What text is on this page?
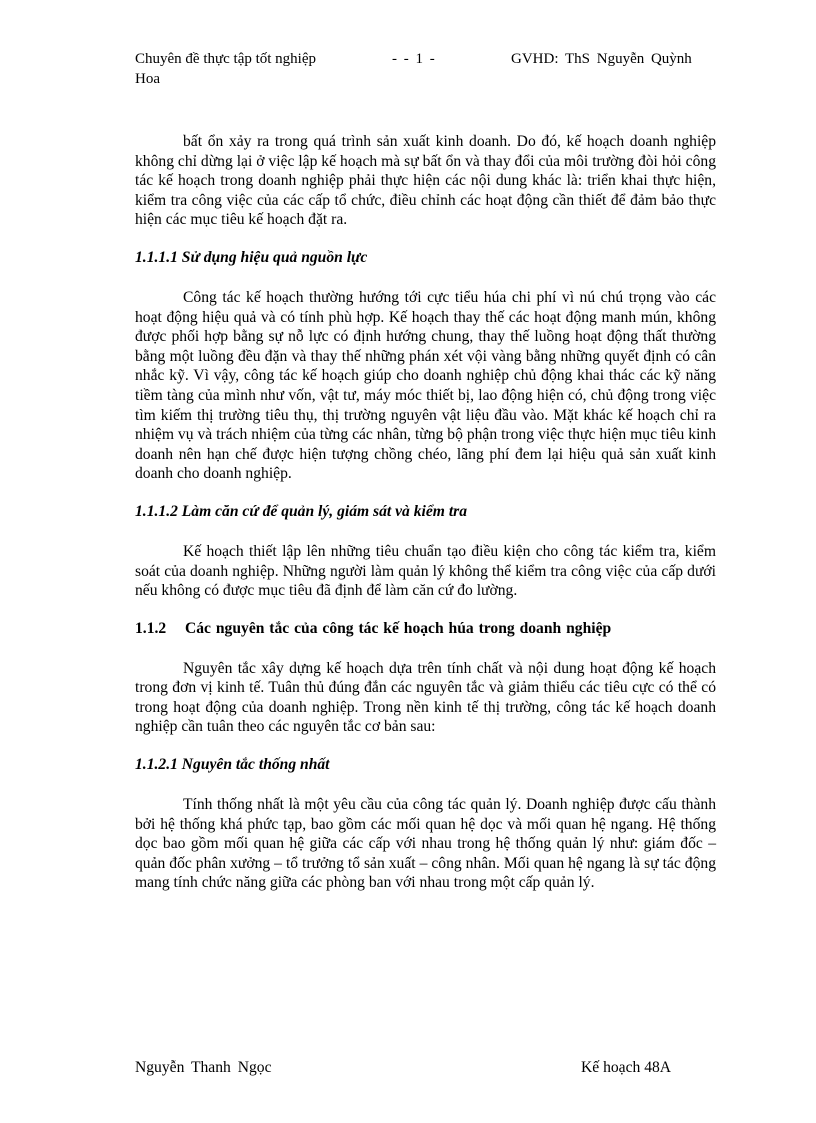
Chuyên đề thực tập tốt nghiệp	- - 1 -	GVHD: ThS Nguyễn Quỳnh
Hoa

bất ổn xảy ra trong quá trình sản xuất kinh doanh. Do đó, kế hoạch doanh nghiệp không chỉ dừng lại ở việc lập kế hoạch mà sự bất ổn và thay đổi của môi trường đòi hỏi công tác kế hoạch trong doanh nghiệp phải thực hiện các nội dung khác là: triển khai thực hiện, kiểm tra công việc của các cấp tổ chức, điều chỉnh các hoạt động cần thiết để đảm bảo thực hiện các mục tiêu kế hoạch đặt ra.

1.1.1.1 Sử dụng hiệu quả nguồn lực

Công tác kế hoạch thường hướng tới cực tiểu húa chi phí vì nú chú trọng vào các hoạt động hiệu quả và có tính phù hợp. Kế hoạch thay thế các hoạt động manh mún, không được phối hợp bằng sự nỗ lực có định hướng chung, thay thế luồng hoạt động thất thường bằng một luồng đều đặn và thay thế những phán xét vội vàng bằng những quyết định có cân nhắc kỹ. Vì vậy, công tác kế hoạch giúp cho doanh nghiệp chủ động khai thác các kỹ năng tiềm tàng của mình như vốn, vật tư, máy móc thiết bị, lao động hiện có, chủ động trong việc tìm kiếm thị trường tiêu thụ, thị trường nguyên vật liệu đầu vào. Mặt khác kế hoạch chỉ ra nhiệm vụ và trách nhiệm của từng các nhân, từng bộ phận trong việc thực hiện mục tiêu kinh doanh nên hạn chế được hiện tượng chồng chéo, lãng phí đem lại hiệu quả sản xuất kinh doanh cho doanh nghiệp.

1.1.1.2 Làm căn cứ để quản lý, giám sát và kiểm tra

Kế hoạch thiết lập lên những tiêu chuẩn tạo điều kiện cho công tác kiểm tra, kiểm soát của doanh nghiệp. Những người làm quản lý không thể kiểm tra công việc của cấp dưới nếu không có được mục tiêu đã định để làm căn cứ đo lường.

1.1.2 Các nguyên tắc của công tác kế hoạch húa trong doanh nghiệp

Nguyên tắc xây dựng kế hoạch dựa trên tính chất và nội dung hoạt động kế hoạch trong đơn vị kinh tế. Tuân thủ đúng đắn các nguyên tắc và giảm thiểu các tiêu cực có thể có trong hoạt động của doanh nghiệp. Trong nền kinh tế thị trường, công tác kế hoạch doanh nghiệp cần tuân theo các nguyên tắc cơ bản sau:

1.1.2.1 Nguyên tắc thống nhất

Tính thống nhất là một yêu cầu của công tác quản lý. Doanh nghiệp được cấu thành bởi hệ thống khá phức tạp, bao gồm các mối quan hệ dọc và mối quan hệ ngang. Hệ thống dọc bao gồm mối quan hệ giữa các cấp với nhau trong hệ thống quản lý như: giám đốc – quản đốc phân xưởng – tổ trưởng tổ sản xuất – công nhân. Mối quan hệ ngang là sự tác động mang tính chức năng giữa các phòng ban với nhau trong một cấp quản lý.

Nguyễn Thanh Ngọc	Kế hoạch 48A
